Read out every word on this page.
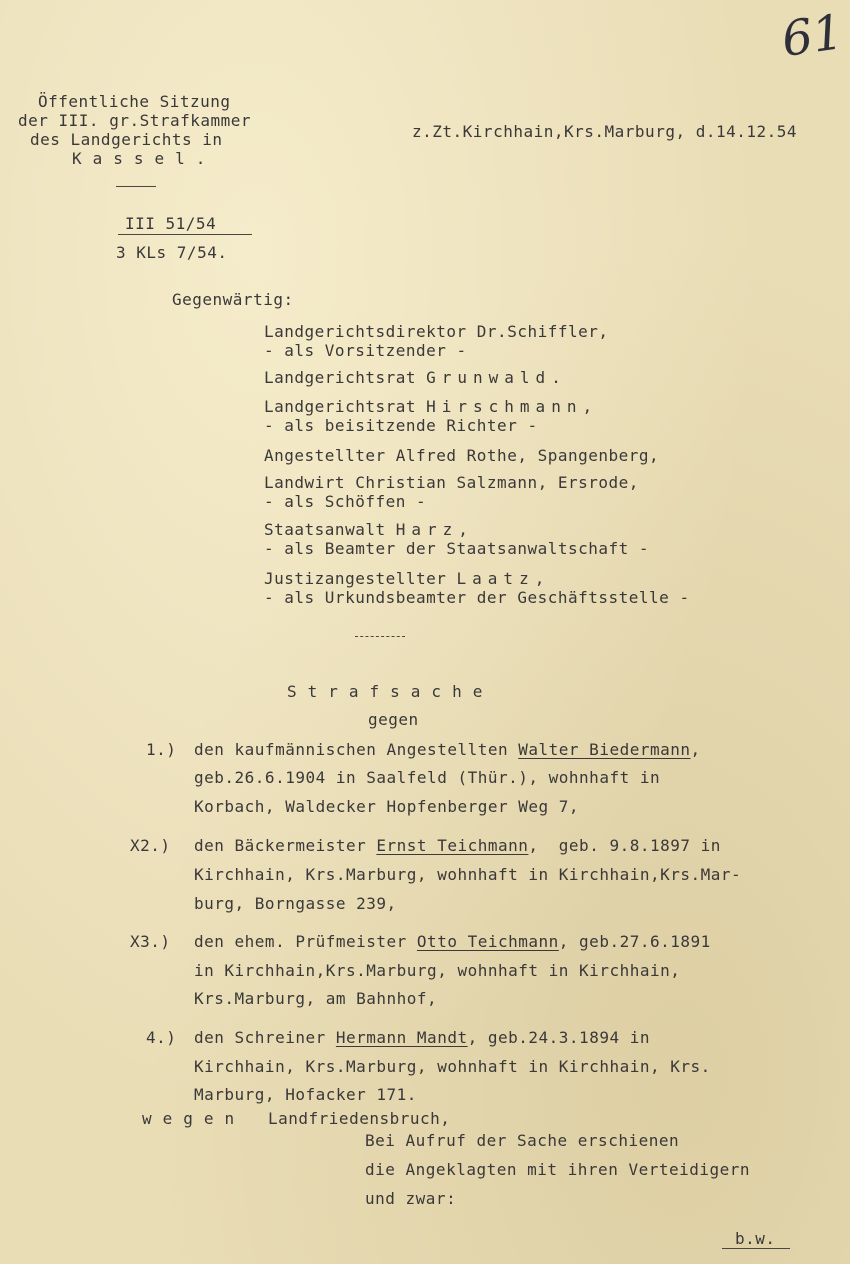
61
Öffentliche Sitzung
der III. gr.Strafkammer
des Landgerichts in
Kassel.
z.Zt.Kirchhain,Krs.Marburg, d.14.12.54
III 51/54
3 KLs 7/54.
Gegenwärtig:
Landgerichtsdirektor Dr.Schiffler,
- als Vorsitzender -
Landgerichtsrat Grunwald.
Landgerichtsrat Hirschmann,
- als beisitzende Richter -
Angestellter Alfred Rothe, Spangenberg,
Landwirt Christian Salzmann, Ersrode,
- als Schöffen -
Staatsanwalt Harz,
- als Beamter der Staatsanwaltschaft -
Justizangestellter Laatz,
- als Urkundsbeamter der Geschäftsstelle -
Strafsache
gegen
1.) den kaufmännischen Angestellten Walter Biedermann,
geb.26.6.1904 in Saalfeld (Thür.), wohnhaft in
Korbach, Waldecker Hopfenberger Weg 7,
X2.) den Bäckermeister Ernst Teichmann,  geb. 9.8.1897 in
Kirchhain, Krs.Marburg, wohnhaft in Kirchhain,Krs.Mar-
burg, Borngasse 239,
X3.) den ehem. Prüfmeister Otto Teichmann, geb.27.6.1891
in Kirchhain,Krs.Marburg, wohnhaft in Kirchhain,
Krs.Marburg, am Bahnhof,
4.) den Schreiner Hermann Mandt, geb.24.3.1894 in
Kirchhain, Krs.Marburg, wohnhaft in Kirchhain, Krs.
Marburg, Hofacker 171.
wegen Landfriedensbruch,
Bei Aufruf der Sache erschienen
die Angeklagten mit ihren Verteidigern
und zwar:
b.w.
